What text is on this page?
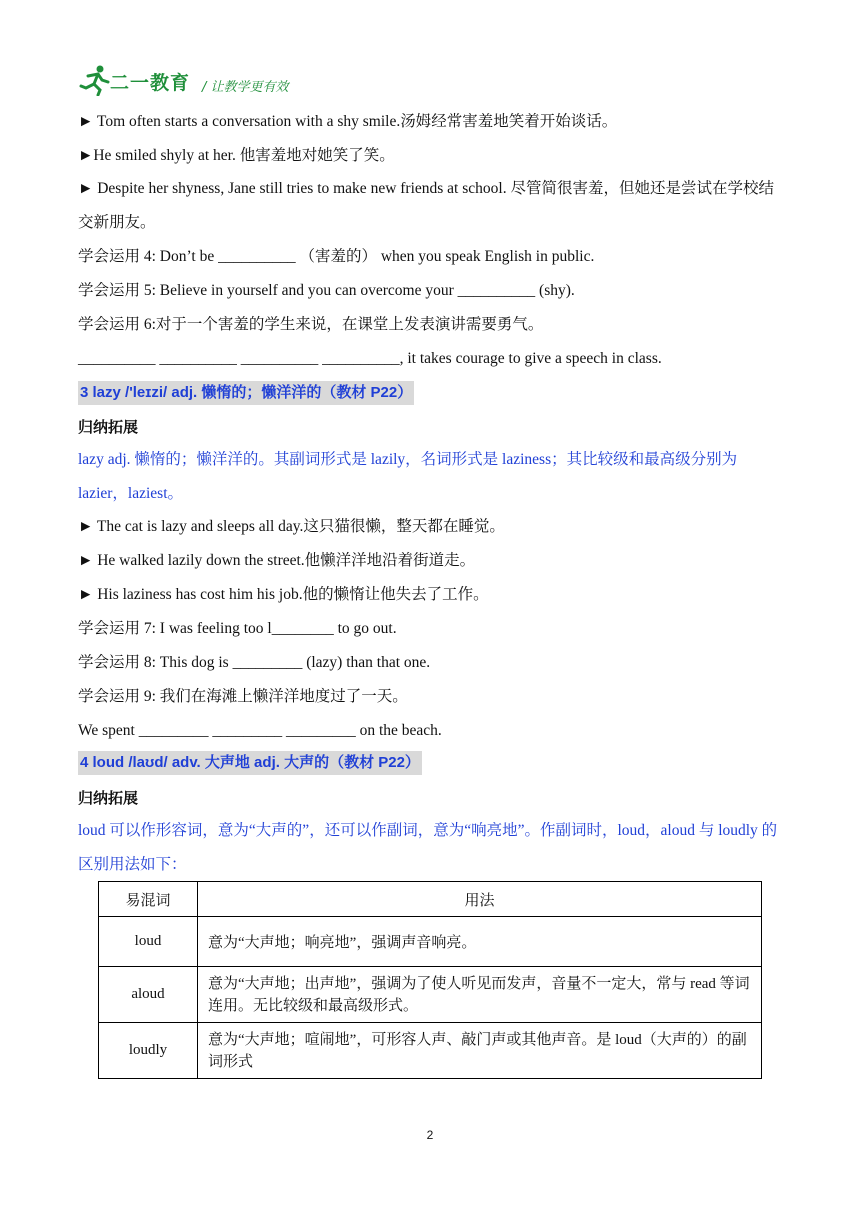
二一教育 / 让教学更有效
► Tom often starts a conversation with a shy smile.汤姆经常害羞地笑着开始谈话。
►He smiled shyly at her. 他害羞地对她笑了笑。
► Despite her shyness, Jane still tries to make new friends at school. 尽管简很害羞，但她还是尝试在学校结交新朋友。
学会运用 4: Don’t be __________ （害羞的） when you speak English in public.
学会运用 5: Believe in yourself and you can overcome your __________ (shy).
学会运用 6:对于一个害羞的学生来说，在课堂上发表演讲需要勇气。
__________ __________ __________ __________, it takes courage to give a speech in class.
3 lazy /'leɪzi/ adj. 懒惰的；懒洋洋的（教材 P22）
归纳拓展
lazy adj. 懒惰的；懒洋洋的。其副词形式是 lazily，名词形式是 laziness；其比较级和最高级分别为 lazier，laziest。
► The cat is lazy and sleeps all day.这只猫很懒，整天都在睡觉。
► He walked lazily down the street.他懒洋洋地沿着街道走。
► His laziness has cost him his job.他的懒惰让他失去了工作。
学会运用 7: I was feeling too l________ to go out.
学会运用 8: This dog is _________ (lazy) than that one.
学会运用 9: 我们在海滩上懒洋洋地度过了一天。
We spent _________ _________ _________ on the beach.
4 loud /laʊd/ adv. 大声地 adj. 大声的（教材 P22）
归纳拓展
loud 可以作形容词，意为“大声的”，还可以作副词，意为“响亮地”。作副词时，loud，aloud 与 loudly 的区别用法如下：
易混词	用法
loud	意为“大声地；响亮地”，强调声音响亮。
aloud	意为“大声地；出声地”，强调为了使人听见而发声，音量不一定大，常与 read 等词连用。无比较级和最高级形式。
loudly	意为“大声地；喧闹地”，可形容人声、敲门声或其他声音。是 loud（大声的）的副词形式
2
